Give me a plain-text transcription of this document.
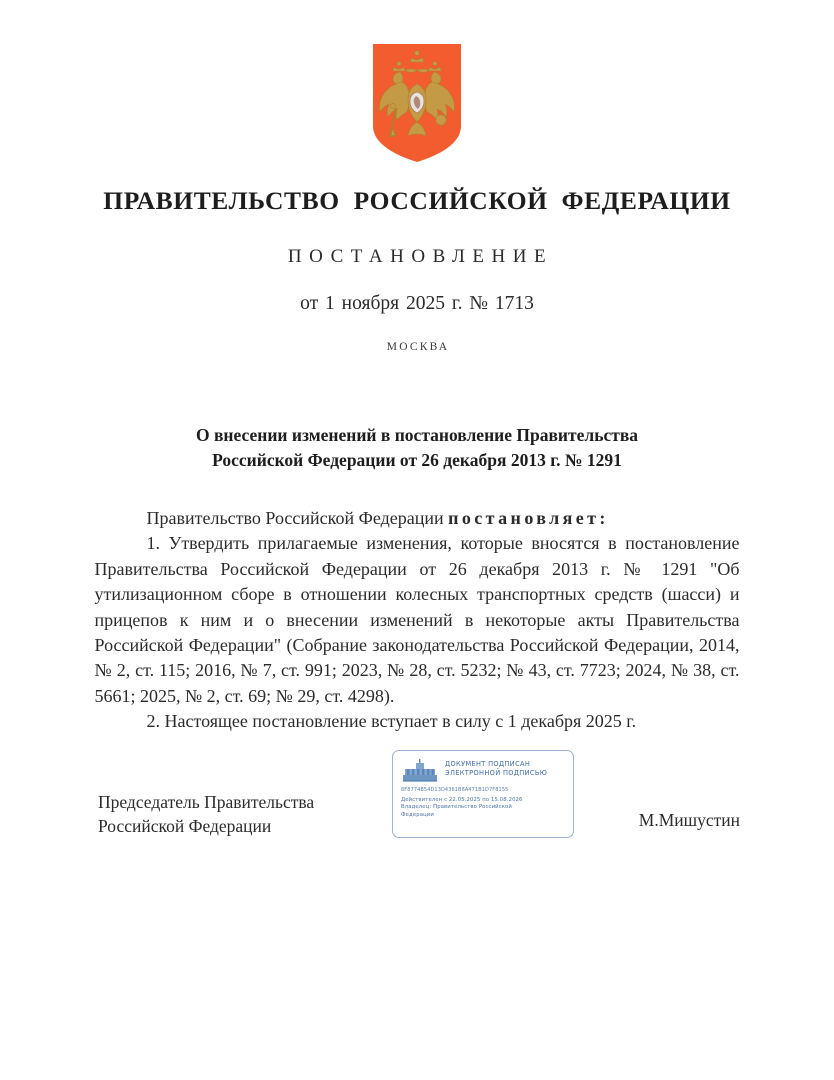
ПРАВИТЕЛЬСТВО РОССИЙСКОЙ ФЕДЕРАЦИИ
ПОСТАНОВЛЕНИЕ
от 1 ноября 2025 г. № 1713
МОСКВА
О внесении изменений в постановление Правительства
Российской Федерации от 26 декабря 2013 г. № 1291

Правительство Российской Федерации постановляет:

1. Утвердить прилагаемые изменения, которые вносятся в постановление Правительства Российской Федерации от 26 декабря 2013 г. № 1291 "Об утилизационном сборе в отношении колесных транспортных средств (шасси) и прицепов к ним и о внесении изменений в некоторые акты Правительства Российской Федерации" (Собрание законодательства Российской Федерации, 2014, № 2, ст. 115; 2016, № 7, ст. 991; 2023, № 28, ст. 5232; № 43, ст. 7723; 2024, № 38, ст. 5661; 2025, № 2, ст. 69; № 29, ст. 4298).

2. Настоящее постановление вступает в силу с 1 декабря 2025 г.

Председатель Правительства
Российской Федерации
ДОКУМЕНТ ПОДПИСАН
ЭЛЕКТРОННОЙ ПОДПИСЬЮ
8F8774B54D13D4361B8A471B1D7F8155
Действителен с 22.05.2025 по 15.08.2026
Владелец: Правительство Российской
Федерации	М.Мишустин
